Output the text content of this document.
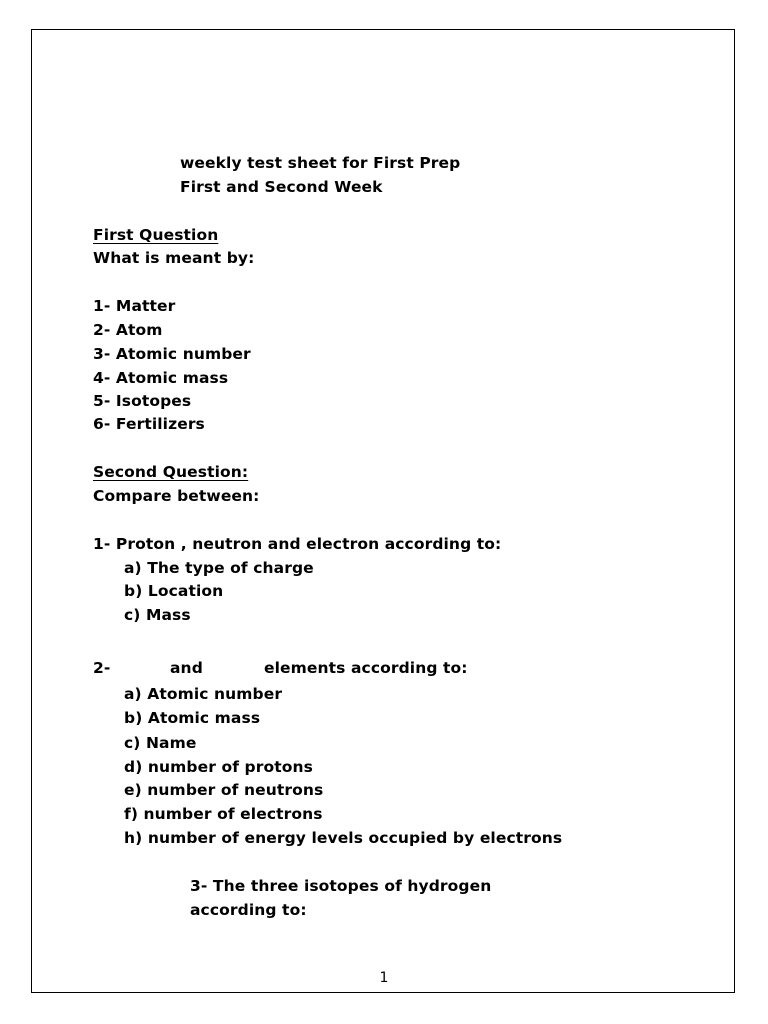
weekly test sheet for First Prep
First and Second Week
First Question
What is meant by:
1- Matter
2- Atom
3- Atomic number
4- Atomic mass
5- Isotopes
6- Fertilizers
Second Question:
Compare between:
1- Proton , neutron and electron according to:
a) The type of charge
b) Location
c) Mass
2-	and	elements according to:
a) Atomic number
b) Atomic mass
c) Name
d) number of protons
e) number of neutrons
f) number of electrons
h) number of energy levels occupied by electrons
3- The three isotopes of hydrogen
according to:
1
